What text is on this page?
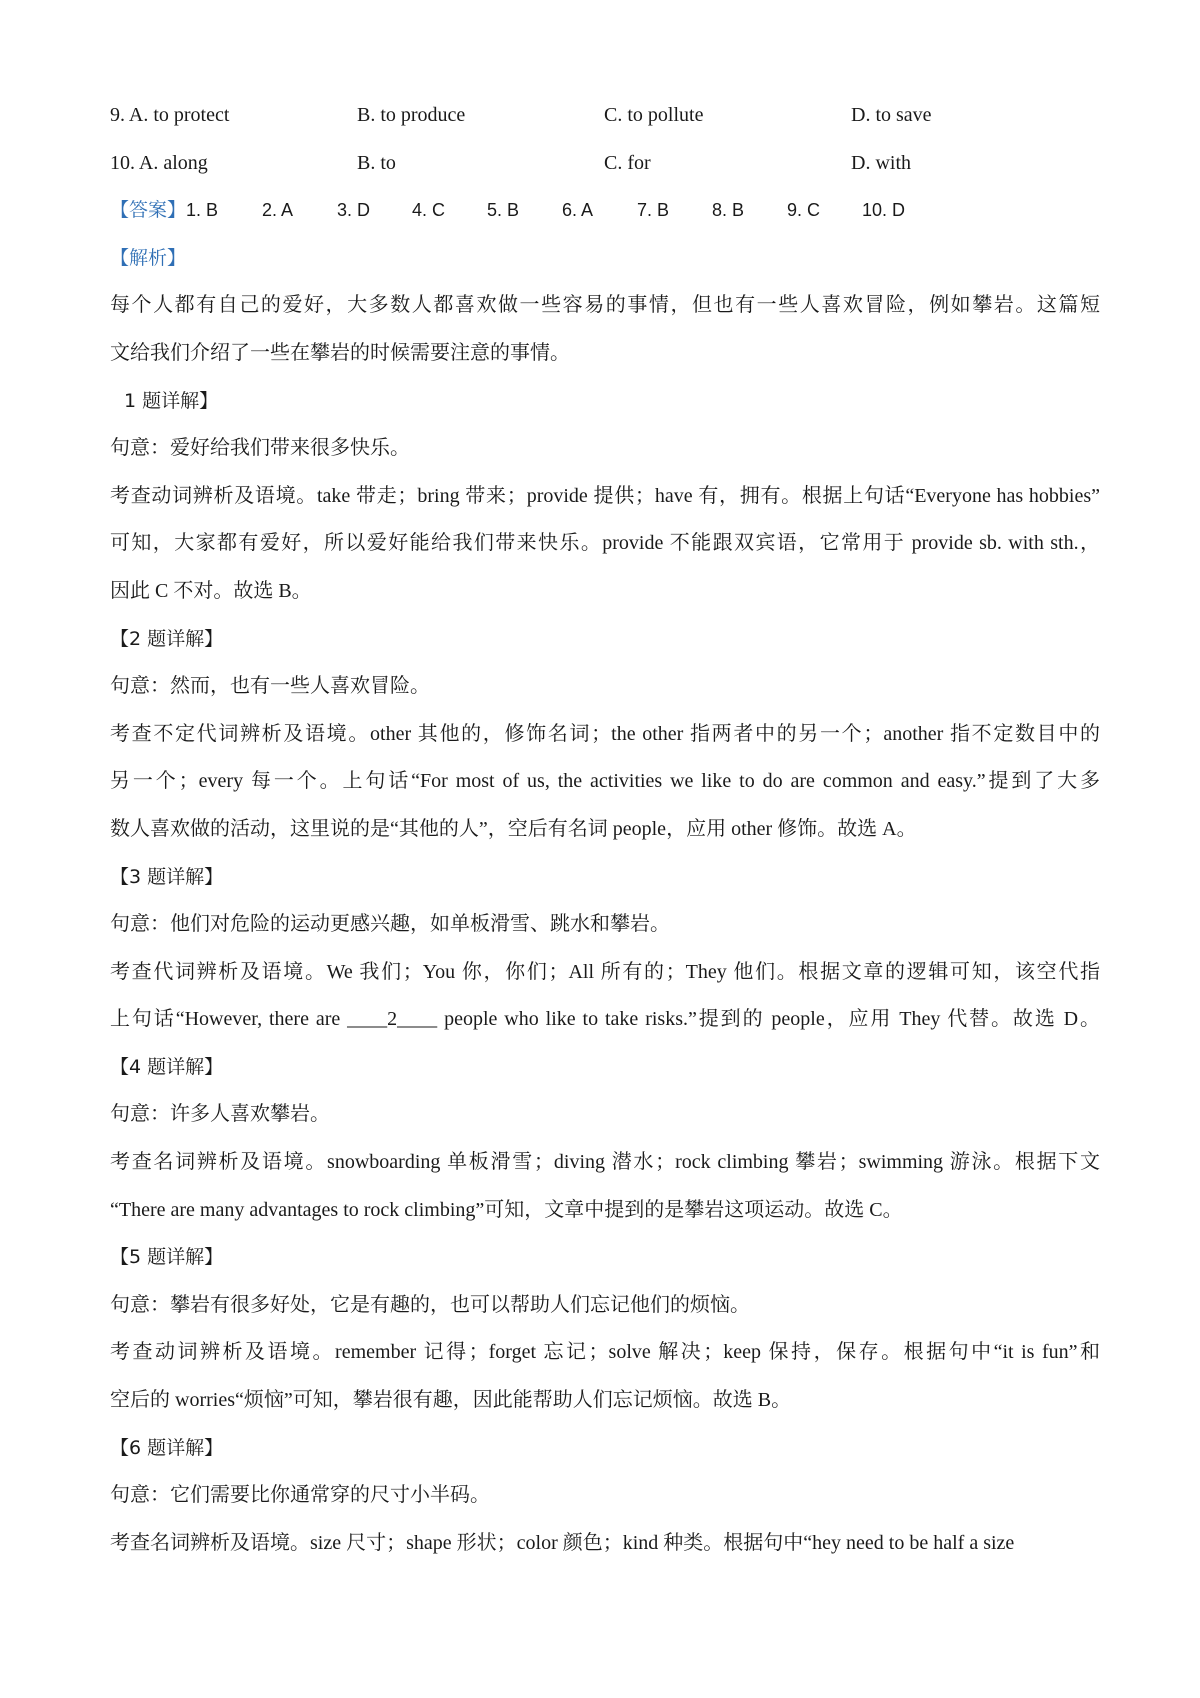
9. A. to protect	B. to produce	C. to pollute	D. to save
10. A. along	B. to	C. for	D. with
【答案】1. B 2. A 3. D 4. C 5. B 6. A 7. B 8. B 9. C 10. D
【解析】
每个人都有自己的爱好，大多数人都喜欢做一些容易的事情，但也有一些人喜欢冒险，例如攀岩。这篇短
文给我们介绍了一些在攀岩的时候需要注意的事情。
1 题详解】
句意：爱好给我们带来很多快乐。
考查动词辨析及语境。take 带走；bring 带来；provide 提供；have 有，拥有。根据上句话“Everyone has hobbies”
可知，大家都有爱好，所以爱好能给我们带来快乐。provide 不能跟双宾语，它常用于 provide sb. with sth.，
因此 C 不对。故选 B。
【2 题详解】
句意：然而，也有一些人喜欢冒险。
考查不定代词辨析及语境。other 其他的，修饰名词；the other 指两者中的另一个；another 指不定数目中的
另一个；every 每一个。上句话“For most of us, the activities we like to do are common and easy.”提到了大多
数人喜欢做的活动，这里说的是“其他的人”，空后有名词 people，应用 other 修饰。故选 A。
【3 题详解】
句意：他们对危险的运动更感兴趣，如单板滑雪、跳水和攀岩。
考查代词辨析及语境。We 我们；You 你，你们；All 所有的；They 他们。根据文章的逻辑可知，该空代指
上句话“However, there are ____2____ people who like to take risks.”提到的 people，应用 They 代替。故选 D。
【4 题详解】
句意：许多人喜欢攀岩。
考查名词辨析及语境。snowboarding 单板滑雪；diving 潜水；rock climbing 攀岩；swimming 游泳。根据下文
“There are many advantages to rock climbing”可知，文章中提到的是攀岩这项运动。故选 C。
【5 题详解】
句意：攀岩有很多好处，它是有趣的，也可以帮助人们忘记他们的烦恼。
考查动词辨析及语境。remember 记得；forget 忘记；solve 解决；keep 保持，保存。根据句中“it is fun”和
空后的 worries“烦恼”可知，攀岩很有趣，因此能帮助人们忘记烦恼。故选 B。
【6 题详解】
句意：它们需要比你通常穿的尺寸小半码。
考查名词辨析及语境。size 尺寸；shape 形状；color 颜色；kind 种类。根据句中“hey need to be half a size
